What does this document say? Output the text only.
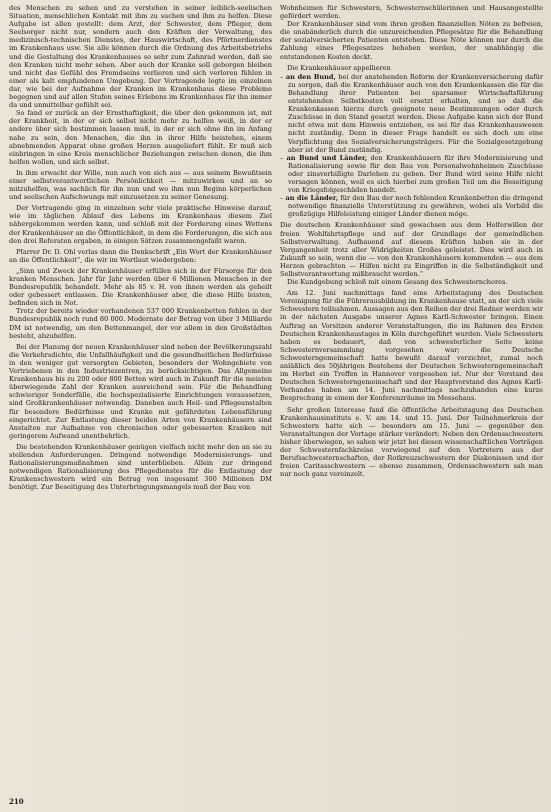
des Menschen zu sehen und zu verstehen in seiner leiblich-seelischen Situation, menschlichen Kontakt mit ihm zu suchen und ihm zu helfen. Diese Aufgabe ist allen gestellt: dem Arzt, der Schwester, dem Pfleger, dem Seelsorger nicht nur, sondern auch den Kräften der Verwaltung, des medizinisch-technischen Dienstes, der Hauswirtschaft, des Pförtnerdienstes im Krankenhaus usw. Sie alle können durch die Ordnung des Arbeitsbetriebs und die Gestaltung des Krankenhauses so sehr zum Zahnrad werden, daß sie den Kranken nicht mehr sehen. Aber auch der Kranke soll geborgen bleiben und nicht das Gefühl des Fremdseins verlieren und sich verloren fühlen in einer als kalt empfundenen Umgebung. Der Vortragende legte im einzelnen dar, wie bei der Aufnahme der Kranken im Krankenhaus diese Probleme begegnen und auf allen Stufen seines Erlebens im Krankenhaus für ihn immer da und unmittelbar gefühlt sei.

So fand er zurück an der Ernsthaftigkeit, die über den gekommen ist, mit der Krankheit, in der er sich selbst nicht mehr zu helfen weiß, in der er andere über sich bestimmen lassen muß, in der er sich ohne ihn im Anfang nahe zu sein, den Menschen, die ihn in ihrer Hilfe beistehen, einem abnehmenden Apparat ohne großen Herzen ausgeliefert fühlt. Er muß sich einbringen in eine Kreis menschlicher Beziehungen zwischen denen, die ihm helfen wollen, und sich selbst.

In ihm erwacht der Wille, nun auch von sich aus — aus seinem Bewußtsein einer selbstverantwortlichen Persönlichkeit — mitzuwirken und an so mitzuhelfen, was sachlich für ihn nun und wo ihm nun Beginn körperlichen und seelischen Aufschwungs mit einzusetzen zu seiner Genesung.

Der Vortragende ging in einzelnen sehr viele praktische Hinweise darauf, wie im täglichen Ablauf des Lebens im Krankenhaus diesem Ziel nähergekommen werden kann, und schloß mit der Forderung eines Wettens der Krankenhäuser an die Öffentlichkeit, in dem die Forderungen, die sich aus den drei Referaten ergaben, in einigen Sätzen zusammengefaßt waren.

Pfarrer Dr. D. Ohl verlas dann die Denkschrift „Ein Wort der Krankenhäuser an die Öffentlichkeit“, die wir im Wortlaut wiedergeben:

„Sinn und Zweck der Krankenhäuser erfüllen sich in der Fürsorge für den kranken Menschen. Jahr für Jahr werden über 6 Millionen Menschen in der Bundesrepublik behandelt. Mehr als 85 v. H. von ihnen werden als geheilt oder gebessert entlassen. Die Krankenhäuser aber, die diese Hilfe leisten, befinden sich in Not.

Trotz der bereits wieder vorhandenen 537 000 Krankenbetten fehlen in der Bundesrepublik noch rund 80 000. Modernste der Betrag von über 3 Milliarde DM ist notwendig, um den Bettenmangel, der vor allem in den Großstädten besteht, abzuhelfen.

Bei der Planung der neuen Krankenhäuser sind neben der Bevölkerungszahl die Verkehrsdichte, die Unfallhäufigkeit und die gesundheitlichen Bedürfnisse in den weniger gut versorgten Gebieten, besonders der Wohngebiete von Vertriebenen in den Industriezentren, zu berücksichtigen. Das Allgemeine Krankenhaus bis zu 200 oder 800 Betten wird auch in Zukunft für die meisten überwiegende Zahl der Kranken ausreichend sein. Für die Behandlung schwieriger Sonderfälle, die hochspezialisierte Einrichtungen voraussetzen, sind Großkrankenhäuser notwendig. Daneben auch Heil- und Pflegeanstalten für besondere Bedürfnisse und Kranke mit gefährdeten Lebensführung eingerichtet. Zur Entlastung dieser beiden Arten von Krankenhäusern sind Anstalten zur Aufnahme von chronischen oder gebesserten Kranken mit geringerem Aufwand unentbehrlich.

Die bestehenden Krankenhäuser genügen vielfach nicht mehr den an sie zu stellenden Anforderungen. Dringend notwendige Modernisierungs- und Rationalisierungsmaßnahmen sind unterblieben. Allein zur dringend notwendigen Rationalisierung des Pflegedienstes für die Entlastung der Krankenschwestern wird ein Betrag von insgesamt 300 Millionen DM benötigt. Zur Beseitigung des Unterbringungsmangels muß der Bau von

Wohnheimen für Schwestern, Schwesternschülerinnen und Hausangestellte gefördert werden.

Der Krankenhäuser sind vom ihren großen finanziellen Nöten zu befreien, die unabänderlich durch die unzureichenden Pflegesätze für die Behandlung der sozialversicherten Patienten entstehen. Diese Nöte können nur durch die Zahlung eines Pflegesatzes behoben werden, der unabhängig die entstandenen Kosten deckt.

Die Krankenhäuser appellieren
– an den Bund, bei der anstehenden Reform der Krankenversicherung dafür zu sorgen, daß die Krankenhäuser auch von den Krankenkassen die für die Behandlung ihrer Patienten bei sparsamer Wirtschaftsführung entstehenden Selbstkosten voll ersetzt erhalten, und so daß die Krankenkassen hierzu durch geeignete neue Bestimmungen oder durch Zuschüsse in den Stand gesetzt werden. Diese Aufgabe kann sich der Bund nicht etwa mit dem Hinweis entziehen, es sei für das Krankenhauswesen nicht zuständig. Denn in dieser Frage handelt es sich doch um eine Verpflichtung des Sozialversicherungsträgers. Für die Sozialgesetzgebung aber ist der Bund zuständig.
– an Bund und Länder, den Krankenhäusern für ihre Modernisierung und Rationalisierung sowie für den Bau von Personalwohnheimen Zuschüsse oder zinsverbilligte Darlehen zu geben. Der Bund wird seine Hilfe nicht versagen können, weil es sich hierbei zum großen Teil um die Beseitigung von Kriegsfolgeschäden handelt.
– an die Länder, für den Bau der noch fehlenden Krankenbetten die dringend notwendige finanzielle Unterstützung zu gewähren, wobei als Vorbild die großzügige Hilfeleistung einiger Länder dienen möge.

Die deutschen Krankenhäuser sind gewachsen aus dem Helferwillen der freien Wohlfahrtspflege und auf der Grundlage der gemeindlichen Selbstverwaltung. Aufbauend auf diesem Kräften haben sie in der Vergangenheit trotz aller Widrigkeiten Großes geleistet. Dies wird auch in Zukunft so sein, wenn die — von den Krankenhäusern kommenden — aus dem Herzen gebrachten — Hilfen nicht zu Eingriffen in die Selbständigkeit und Selbstverantwortung mißbraucht werden.“

Die Kundgebung schloß mit einem Gesang des Schwesternchores.

Am 12. Juni nachmittags fand eine Arbeitstagung des Deutschen Vereinigung für die Führerausbildung im Krankenhause statt, an der sich viele Schwestern teilnahmen. Aussagen aus den Reihen der drei Redner werden wir in der nächsten Ausgabe unserer Agnes Karll-Schwester bringen. Einen Auftrag an Vorsitzen anderer Veranstaltungen, die im Rahmen des Ersten Deutschen Krankenhaustages in Köln durchgeführt wurden. Viele Schwestern haben es bedauert, daß von schwesterlicher Seite keine Schwesternversammlung vorgesehen war; die Deutsche Schwesterngemeinschaft hatte bewußt darauf verzichtet, zumal noch anläßlich des 50jährigen Bestehens der Deutschen Schwesterngemeinschaft im Herbst ein Treffen in Hannover vorgesehen ist. Nur der Vorstand des Deutschen Schwesterngemeinschaft und der Hauptvorstand des Agnes Karll-Verbandes haben am 14. Juni nachmittags nachzuhanden eine kurze Besprechung in einem der Konferenzräume im Messehaus.

Sehr großen Interesse fand die öffentliche Arbeitstagung des Deutschen Krankenhausinstituts e. V. am 14. und 15. Juni. Der Teilnehmerkreis der Schwestern hatte sich — besonders am 15. Juni — gegenüber den Veranstaltungen der Vortage stärker verändert: Neben den Ordensschwestern bisher überwiegen, so sahen wir jetzt bei diesen wissenschaftlichen Vorträgen der Schwesternfachkreise vorwiegend auf den Vortretern aus der Berufsschwesternschaften, der Rotkreuzschwestern der Diakonissen und der freien Caritasschwestern — ebenso zusammen, Ordensschwestern sah man nur noch ganz vereinzelt.

210
